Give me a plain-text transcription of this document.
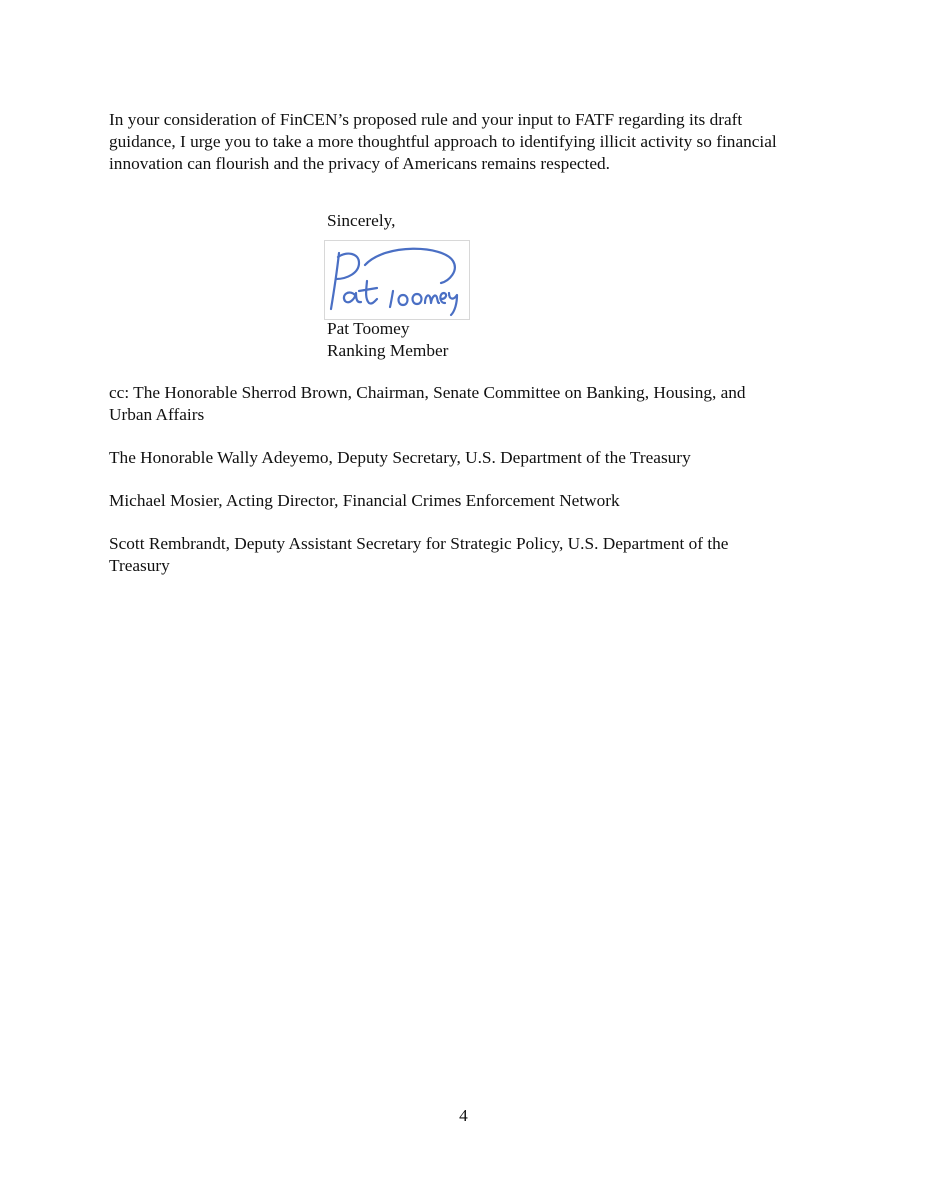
In your consideration of FinCEN’s proposed rule and your input to FATF regarding its draft
guidance, I urge you to take a more thoughtful approach to identifying illicit activity so financial
innovation can flourish and the privacy of Americans remains respected.

Sincerely,
Pat Toomey
Ranking Member

cc: The Honorable Sherrod Brown, Chairman, Senate Committee on Banking, Housing, and
Urban Affairs

The Honorable Wally Adeyemo, Deputy Secretary, U.S. Department of the Treasury

Michael Mosier, Acting Director, Financial Crimes Enforcement Network

Scott Rembrandt, Deputy Assistant Secretary for Strategic Policy, U.S. Department of the
Treasury

4
